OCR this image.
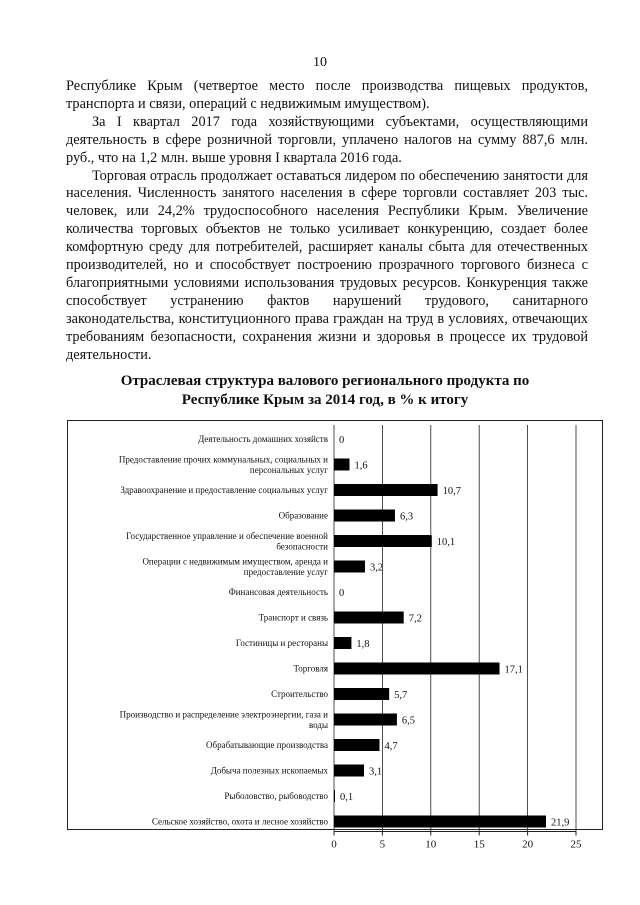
10

Республике Крым (четвертое место после производства пищевых продуктов, транспорта и связи, операций с недвижимым имуществом).

За I квартал 2017 года хозяйствующими субъектами, осуществляющими деятельность в сфере розничной торговли, уплачено налогов на сумму 887,6 млн. руб., что на 1,2 млн. выше уровня I квартала 2016 года.

Торговая отрасль продолжает оставаться лидером по обеспечению занятости для населения. Численность занятого населения в сфере торговли составляет 203 тыс. человек, или 24,2% трудоспособного населения Республики Крым. Увеличение количества торговых объектов не только усиливает конкуренцию, создает более комфортную среду для потребителей, расширяет каналы сбыта для отечественных производителей, но и способствует построению прозрачного торгового бизнеса с благоприятными условиями использования трудовых ресурсов. Конкуренция также способствует устранению фактов нарушений трудового, санитарного законодательства, конституционного права граждан на труд в условиях, отвечающих требованиям безопасности, сохранения жизни и здоровья в процессе их трудовой деятельности.

Отраслевая структура валового регионального продукта по
Республике Крым за 2014 год, в % к итогу
0	5	10	15	20	25
0
Деятельность домашних хозяйств
1,6
Предоставление прочих коммунальных, социальных и
персональных услуг
10,7
Здравоохранение и предоставление социальных услуг
6,3
Образование
10,1
Государственное управление и обеспечение военной
безопасности
3,2
Операции с недвижимым имуществом, аренда и
предоставление услуг
0
Финансовая деятельность
7,2
Транспорт и связь
1,8
Гостиницы и рестораны
17,1
Торговля
5,7
Строительство
6,5
Производство и распределение электроэнергии, газа и
воды
4,7
Обрабатывающие производства
3,1
Добыча полезных ископаемых
0,1
Рыболовство, рыбоводство
21,9
Сельское хозяйство, охота и лесное хозяйство
